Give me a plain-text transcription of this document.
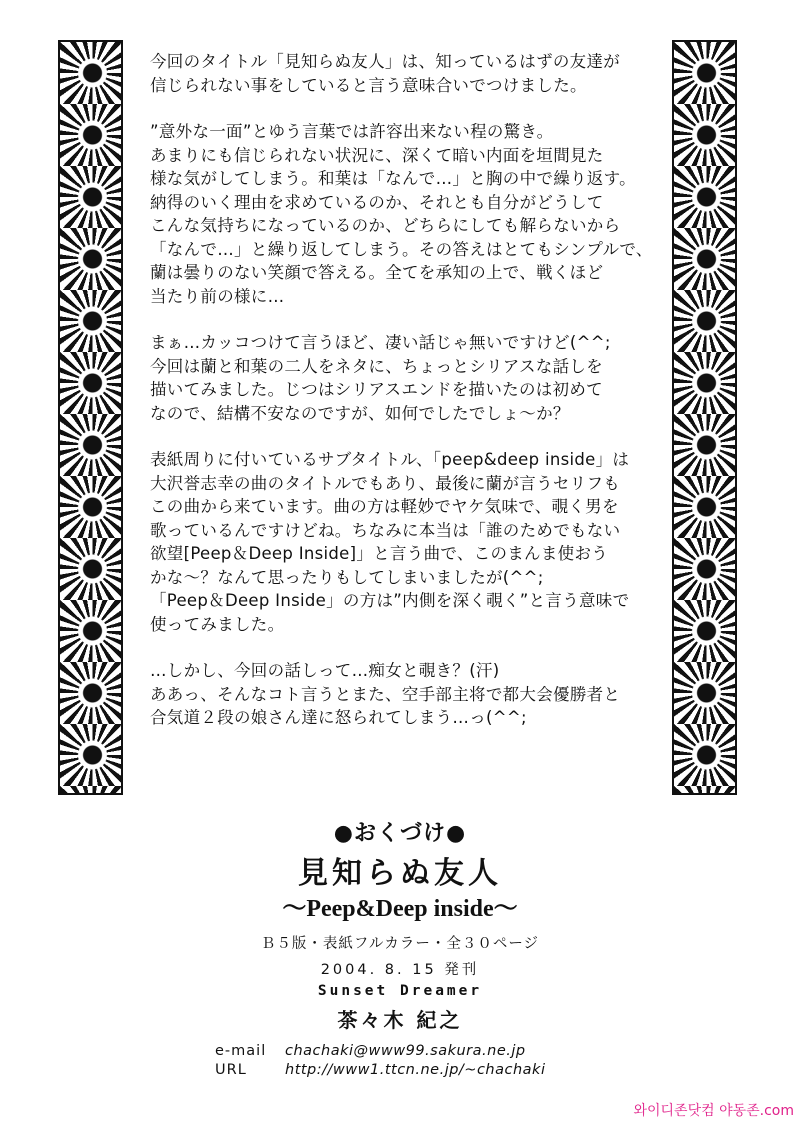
今回のタイトル「見知らぬ友人」は、知っているはずの友達が
信じられない事をしていると言う意味合いでつけました。
”意外な一面”とゆう言葉では許容出来ない程の驚き。
あまりにも信じられない状況に、深くて暗い内面を垣間見た
様な気がしてしまう。和葉は「なんで…」と胸の中で繰り返す。
納得のいく理由を求めているのか、それとも自分がどうして
こんな気持ちになっているのか、どちらにしても解らないから
「なんで…」と繰り返してしまう。その答えはとてもシンプルで、
蘭は曇りのない笑顔で答える。全てを承知の上で、戦くほど
当たり前の様に…
まぁ…カッコつけて言うほど、凄い話じゃ無いですけど(^^;
今回は蘭と和葉の二人をネタに、ちょっとシリアスな話しを
描いてみました。じつはシリアスエンドを描いたのは初めて
なので、結構不安なのですが、如何でしたでしょ〜か？
表紙周りに付いているサブタイトル、「peep&deep inside」は
大沢誉志幸の曲のタイトルでもあり、最後に蘭が言うセリフも
この曲から来ています。曲の方は軽妙でヤケ気味で、覗く男を
歌っているんですけどね。ちなみに本当は「誰のためでもない
欲望[Peep＆Deep Inside]」と言う曲で、このまんま使おう
かな〜？なんて思ったりもしてしまいましたが(^^;
「Peep＆Deep Inside」の方は”内側を深く覗く”と言う意味で
使ってみました。
…しかし、今回の話しって…痴女と覗き？(汗)
ああっ、そんなコト言うとまた、空手部主将で都大会優勝者と
合気道２段の娘さん達に怒られてしまう…っ(^^;
●おくづけ●
見知らぬ友人
〜Peep&Deep inside〜
Ｂ５版・表紙フルカラー・全３０ページ
2004. 8. 15 発刊
Sunset Dreamer
茶々木 紀之
e-mail	chachaki@www99.sakura.ne.jp
URL	http://www1.ttcn.ne.jp/~chachaki
와이디존닷컴 야동존.com
